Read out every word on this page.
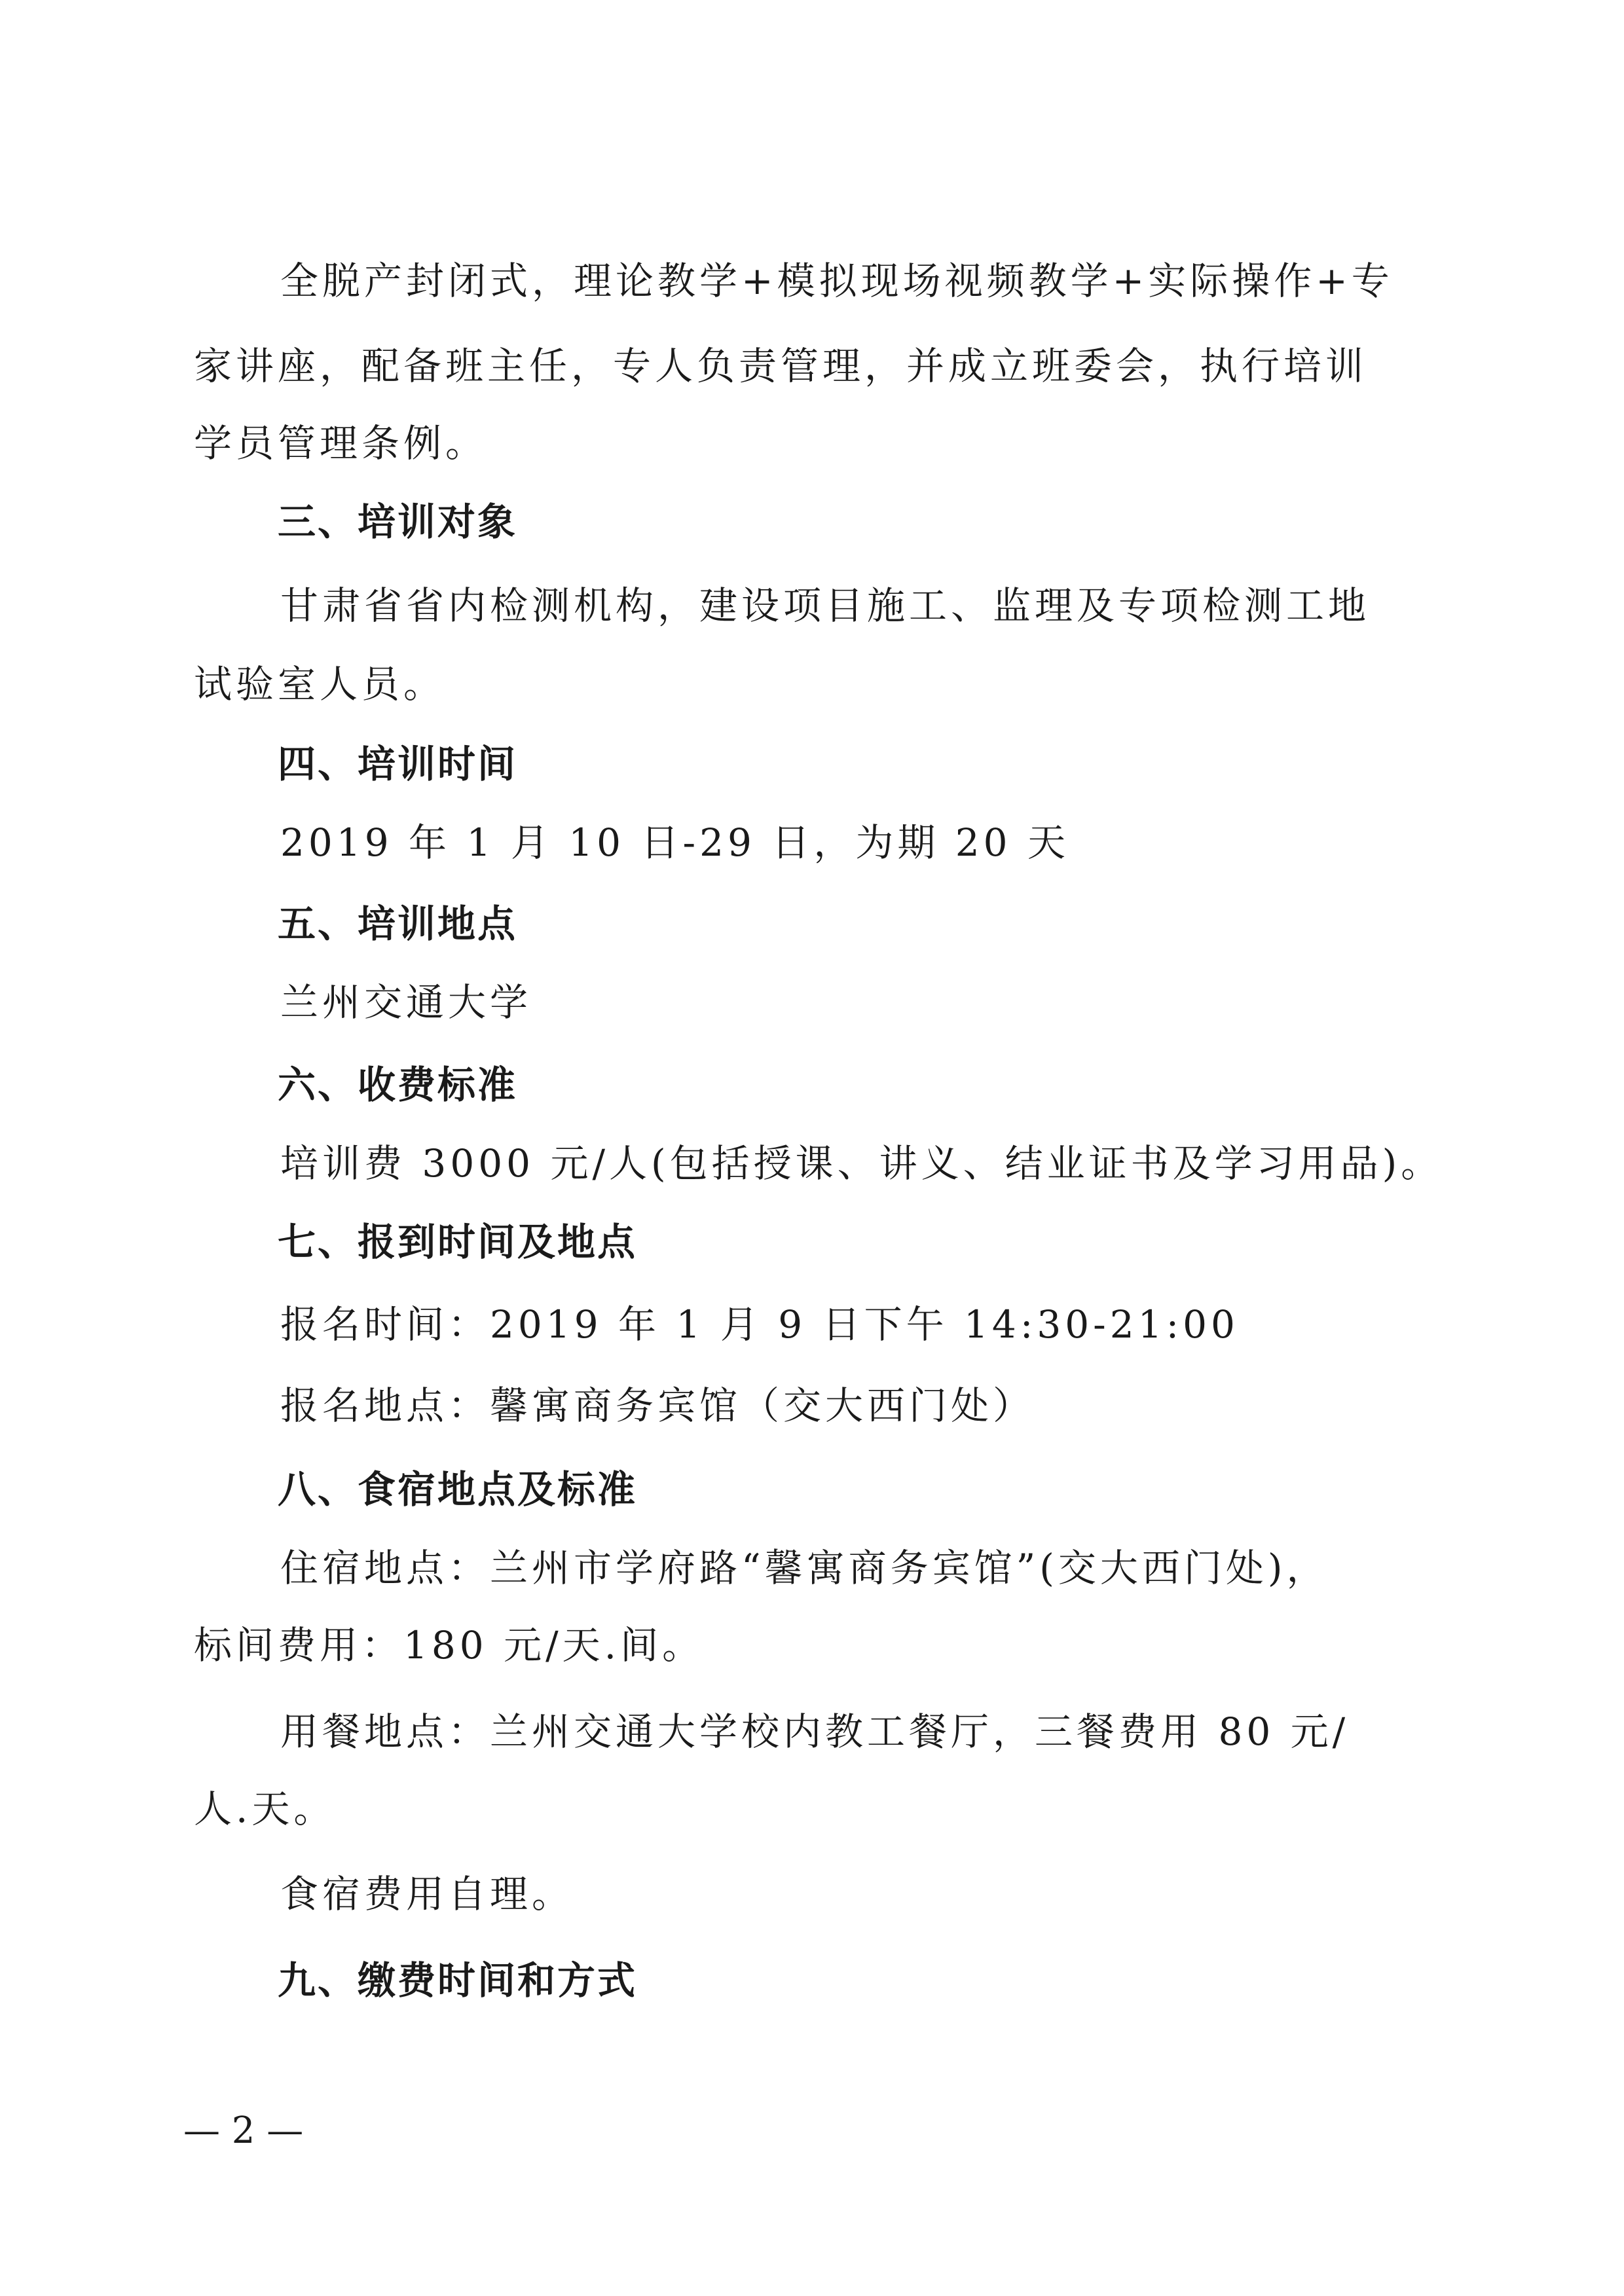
全脱产封闭式，理论教学+模拟现场视频教学+实际操作+专
家讲座，配备班主任，专人负责管理，并成立班委会，执行培训
学员管理条例。
三、培训对象
甘肃省省内检测机构，建设项目施工、监理及专项检测工地
试验室人员。
四、培训时间
2019 年 1 月 10 日-29 日，为期 20 天
五、培训地点
兰州交通大学
六、收费标准
培训费 3000 元/人(包括授课、讲义、结业证书及学习用品)。
七、报到时间及地点
报名时间：2019 年 1 月 9 日下午 14:30-21:00
报名地点：馨寓商务宾馆（交大西门处）
八、食宿地点及标准
住宿地点：兰州市学府路“馨寓商务宾馆”(交大西门处)，
标间费用：180 元/天.间。
用餐地点：兰州交通大学校内教工餐厅，三餐费用 80 元/
人.天。
食宿费用自理。
九、缴费时间和方式
— 2 —
